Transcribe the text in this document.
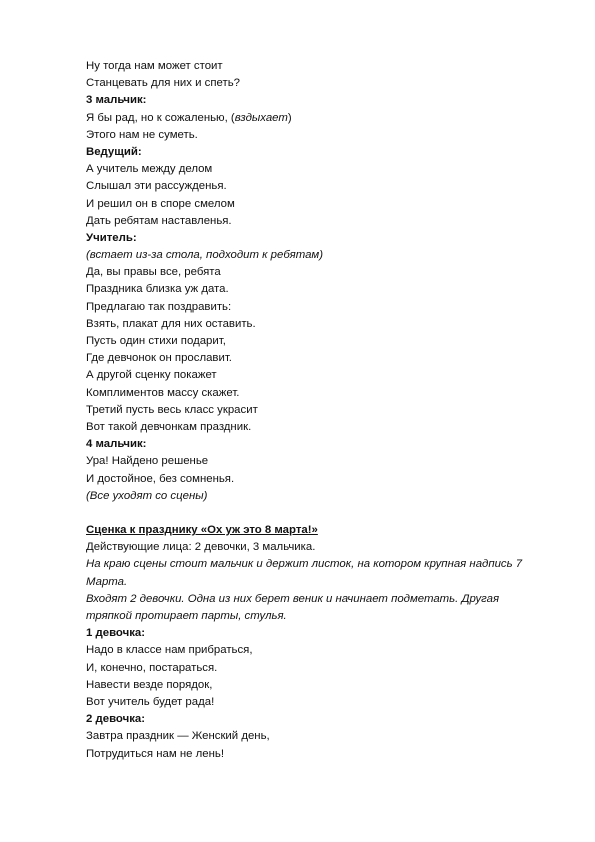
Ну тогда нам может стоит
Станцевать для них и спеть?
3 мальчик:
Я бы рад, но к сожаленью, (вздыхает)
Этого нам не суметь.
Ведущий:
А учитель между делом
Слышал эти рассужденья.
И решил он в споре смелом
Дать ребятам наставленья.
Учитель:
(встает из-за стола, подходит к ребятам)
Да, вы правы все, ребята
Праздника близка уж дата.
Предлагаю так поздравить:
Взять, плакат для них оставить.
Пусть один стихи подарит,
Где девчонок он прославит.
А другой сценку покажет
Комплиментов массу скажет.
Третий пусть весь класс украсит
Вот такой девчонкам праздник.
4 мальчик:
Ура! Найдено решенье
И достойное, без сомненья.
(Все уходят со сцены)
Сценка к празднику «Ох уж это 8 марта!»
Действующие лица: 2 девочки, 3 мальчика.
На краю сцены стоит мальчик и держит листок, на котором крупная надпись 7
Марта.
Входят 2 девочки. Одна из них берет веник и начинает подметать. Другая
тряпкой протирает парты, стулья.
1 девочка:
Надо в классе нам прибраться,
И, конечно, постараться.
Навести везде порядок,
Вот учитель будет рада!
2 девочка:
Завтра праздник — Женский день,
Потрудиться нам не лень!
